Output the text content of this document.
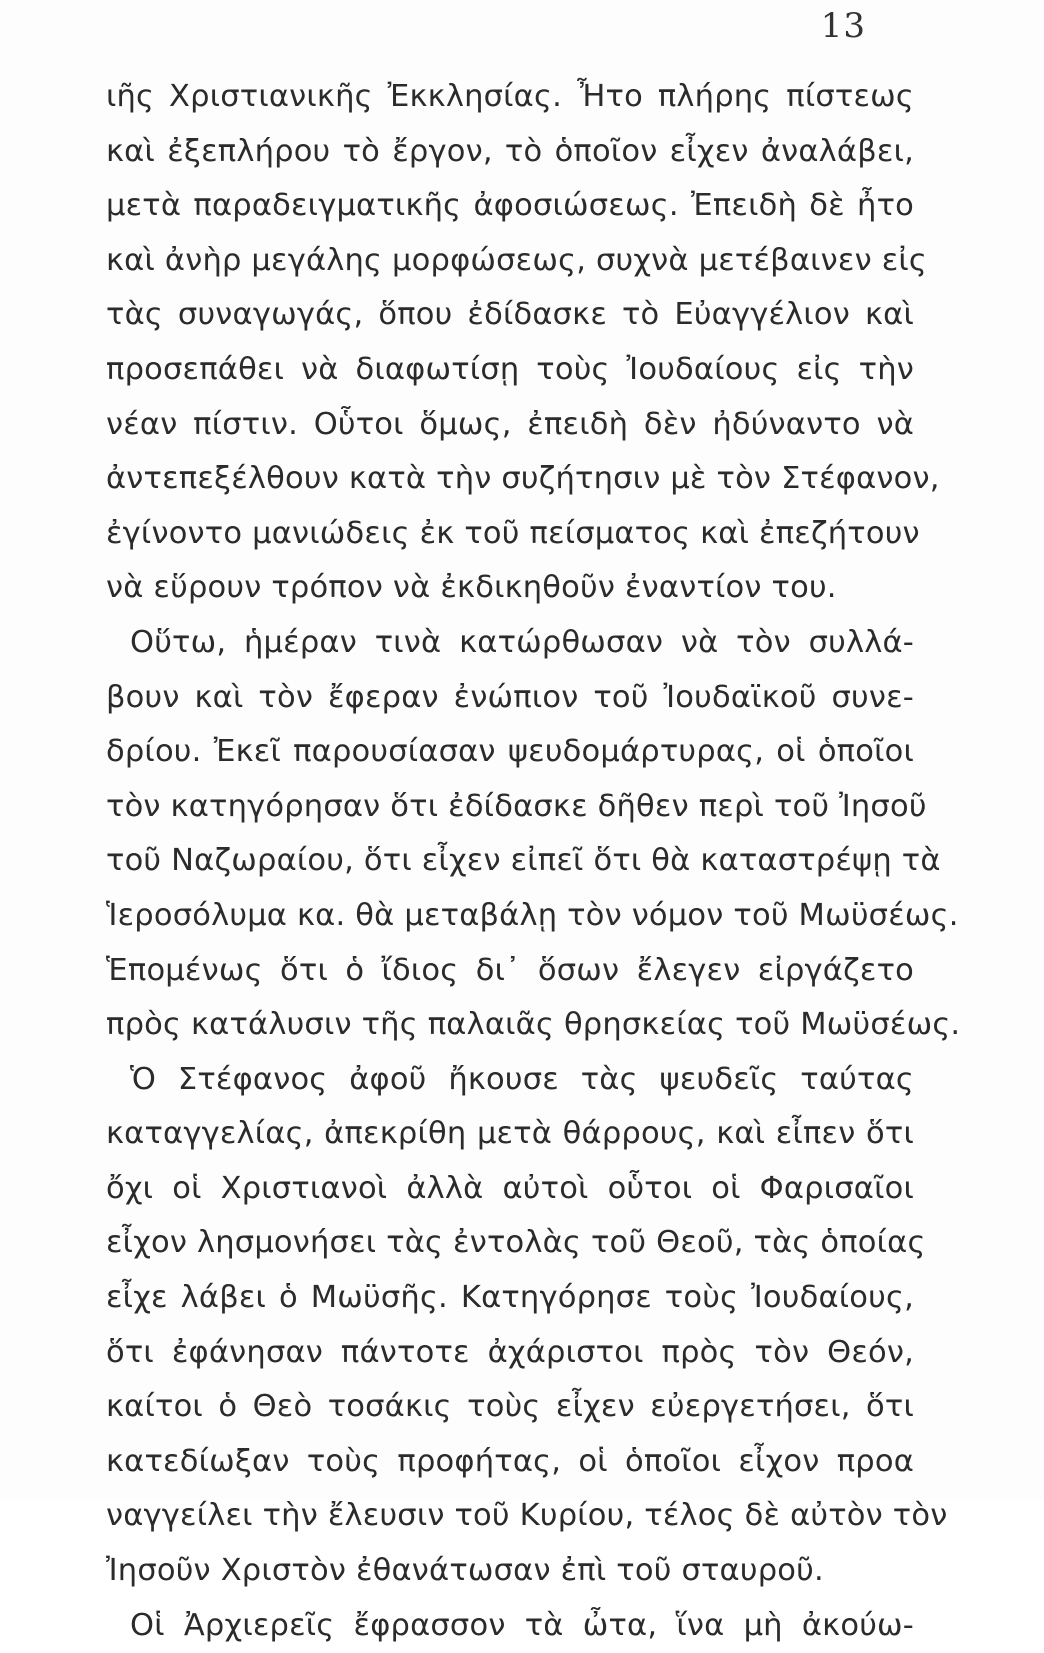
13
ιῆς Χριστιανικῆς Ἐκκλησίας. Ἦτο πλήρης πίστεως
καὶ ἐξεπλήρου τὸ ἔργον, τὸ ὁποῖον εἶχεν ἀναλάβει,
μετὰ παραδειγματικῆς ἀφοσιώσεως. Ἐπειδὴ δὲ ἦτο
καὶ ἀνὴρ μεγάλης μορφώσεως, συχνὰ μετέβαινεν εἰς
τὰς συναγωγάς, ὅπου ἐδίδασκε τὸ Εὐαγγέλιον καὶ
προσεπάθει νὰ διαφωτίσῃ τοὺς Ἰουδαίους εἰς τὴν
νέαν πίστιν. Οὗτοι ὅμως, ἐπειδὴ δὲν ἠδύναντο νὰ
ἀντεπεξέλθουν κατὰ τὴν συζήτησιν μὲ τὸν Στέφανον,
ἐγίνοντο μανιώδεις ἐκ τοῦ πείσματος καὶ ἐπεζήτουν
νὰ εὕρουν τρόπον νὰ ἐκδικηθοῦν ἐναντίον του.
Οὕτω, ἡμέραν τινὰ κατώρθωσαν νὰ τὸν συλλά-
βουν καὶ τὸν ἔφεραν ἐνώπιον τοῦ Ἰουδαϊκοῦ συνε-
δρίου. Ἐκεῖ παρουσίασαν ψευδομάρτυρας, οἱ ὁποῖοι
τὸν κατηγόρησαν ὅτι ἐδίδασκε δῆθεν περὶ τοῦ Ἰησοῦ
τοῦ Ναζωραίου, ὅτι εἶχεν εἰπεῖ ὅτι θὰ καταστρέψῃ τὰ
Ἱεροσόλυμα κα. θὰ μεταβάλῃ τὸν νόμον τοῦ Μωϋσέως.
Ἑπομένως ὅτι ὁ ἴδιος δι᾽ ὅσων ἔλεγεν εἰργάζετο
πρὸς κατάλυσιν τῆς παλαιᾶς θρησκείας τοῦ Μωϋσέως.
Ὁ Στέφανος ἀφοῦ ἤκουσε τὰς ψευδεῖς ταύτας
καταγγελίας, ἀπεκρίθη μετὰ θάρρους, καὶ εἶπεν ὅτι
ὄχι οἱ Χριστιανοὶ ἀλλὰ αὐτοὶ οὗτοι οἱ Φαρισαῖοι
εἶχον λησμονήσει τὰς ἐντολὰς τοῦ Θεοῦ, τὰς ὁποίας
εἶχε λάβει ὁ Μωϋσῆς. Κατηγόρησε τοὺς Ἰουδαίους,
ὅτι ἐφάνησαν πάντοτε ἀχάριστοι πρὸς τὸν Θεόν,
καίτοι ὁ Θεὸ τοσάκις τοὺς εἶχεν εὐεργετήσει, ὅτι
κατεδίωξαν τοὺς προφήτας, οἱ ὁποῖοι εἶχον προα
ναγγείλει τὴν ἔλευσιν τοῦ Κυρίου, τέλος δὲ αὐτὸν τὸν
Ἰησοῦν Χριστὸν ἐθανάτωσαν ἐπὶ τοῦ σταυροῦ.
Οἱ Ἀρχιερεῖς ἔφρασσον τὰ ὦτα, ἵνα μὴ ἀκούω-
